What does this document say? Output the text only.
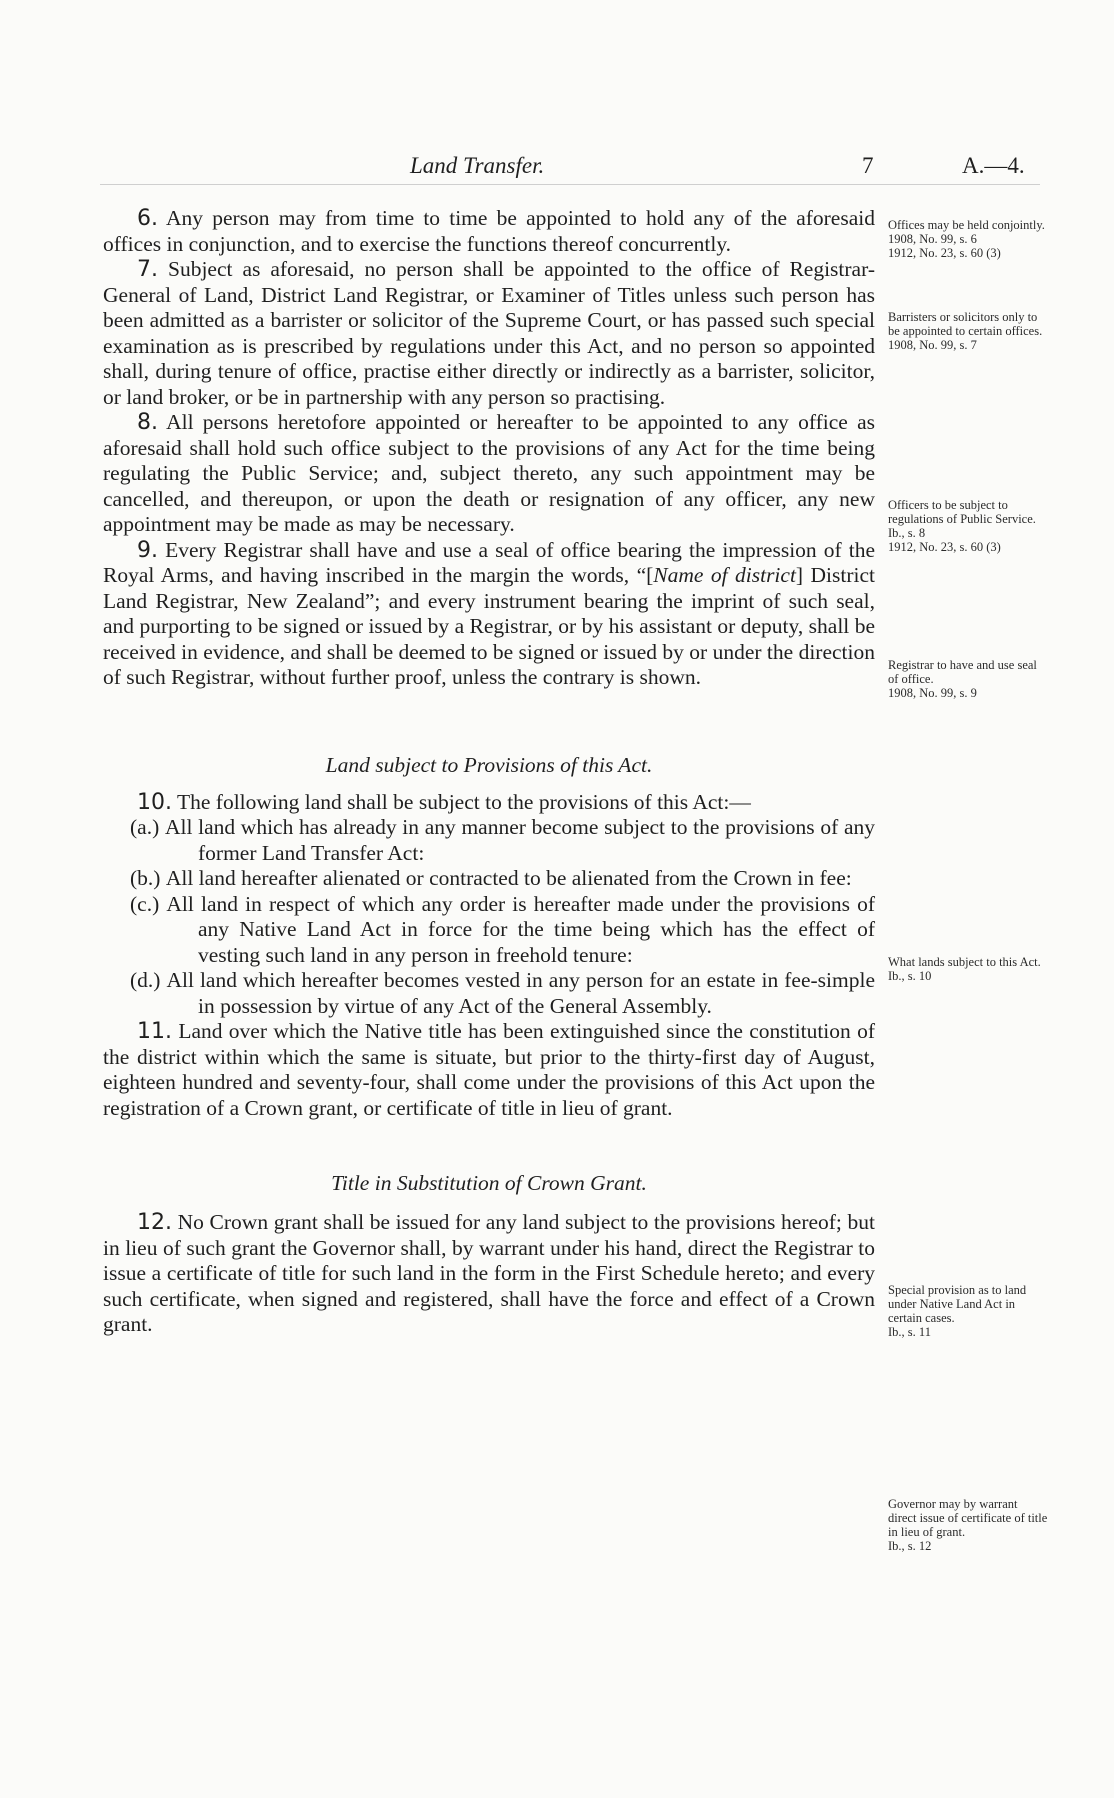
Land Transfer.	7	A.—4.

6. Any person may from time to time be appointed to hold any of the aforesaid offices in conjunction, and to exercise the functions thereof concurrently.

7. Subject as aforesaid, no person shall be appointed to the office of Registrar-General of Land, District Land Registrar, or Examiner of Titles unless such person has been admitted as a barrister or solicitor of the Supreme Court, or has passed such special examination as is prescribed by regulations under this Act, and no person so appointed shall, during tenure of office, practise either directly or indirectly as a barrister, solicitor, or land broker, or be in partnership with any person so practising.

8. All persons heretofore appointed or hereafter to be appointed to any office as aforesaid shall hold such office subject to the provisions of any Act for the time being regulating the Public Service; and, subject thereto, any such appointment may be cancelled, and thereupon, or upon the death or resignation of any officer, any new appointment may be made as may be necessary.

9. Every Registrar shall have and use a seal of office bearing the impression of the Royal Arms, and having inscribed in the margin the words, “[Name of district] District Land Registrar, New Zealand”; and every instrument bearing the imprint of such seal, and purporting to be signed or issued by a Registrar, or by his assistant or deputy, shall be received in evidence, and shall be deemed to be signed or issued by or under the direction of such Registrar, without further proof, unless the contrary is shown.

Land subject to Provisions of this Act.

10. The following land shall be subject to the provisions of this Act:—

(a.) All land which has already in any manner become subject to the provisions of any former Land Transfer Act:

(b.) All land hereafter alienated or contracted to be alienated from the Crown in fee:

(c.) All land in respect of which any order is hereafter made under the provisions of any Native Land Act in force for the time being which has the effect of vesting such land in any person in freehold tenure:

(d.) All land which hereafter becomes vested in any person for an estate in fee-simple in possession by virtue of any Act of the General Assembly.

11. Land over which the Native title has been extinguished since the constitution of the district within which the same is situate, but prior to the thirty-first day of August, eighteen hundred and seventy-four, shall come under the provisions of this Act upon the registration of a Crown grant, or certificate of title in lieu of grant.

Title in Substitution of Crown Grant.

12. No Crown grant shall be issued for any land subject to the provisions hereof; but in lieu of such grant the Governor shall, by warrant under his hand, direct the Registrar to issue a certificate of title for such land in the form in the First Schedule hereto; and every such certificate, when signed and registered, shall have the force and effect of a Crown grant.

Offices may be held conjointly.
1908, No. 99, s. 6
1912, No. 23, s. 60 (3)
Barristers or solicitors only to be appointed to certain offices.
1908, No. 99, s. 7
Officers to be subject to regulations of Public Service.
Ib., s. 8
1912, No. 23, s. 60 (3)
Registrar to have and use seal of office.
1908, No. 99, s. 9
What lands subject to this Act.
Ib., s. 10
Special provision as to land under Native Land Act in certain cases.
Ib., s. 11
Governor may by warrant direct issue of certificate of title in lieu of grant.
Ib., s. 12
